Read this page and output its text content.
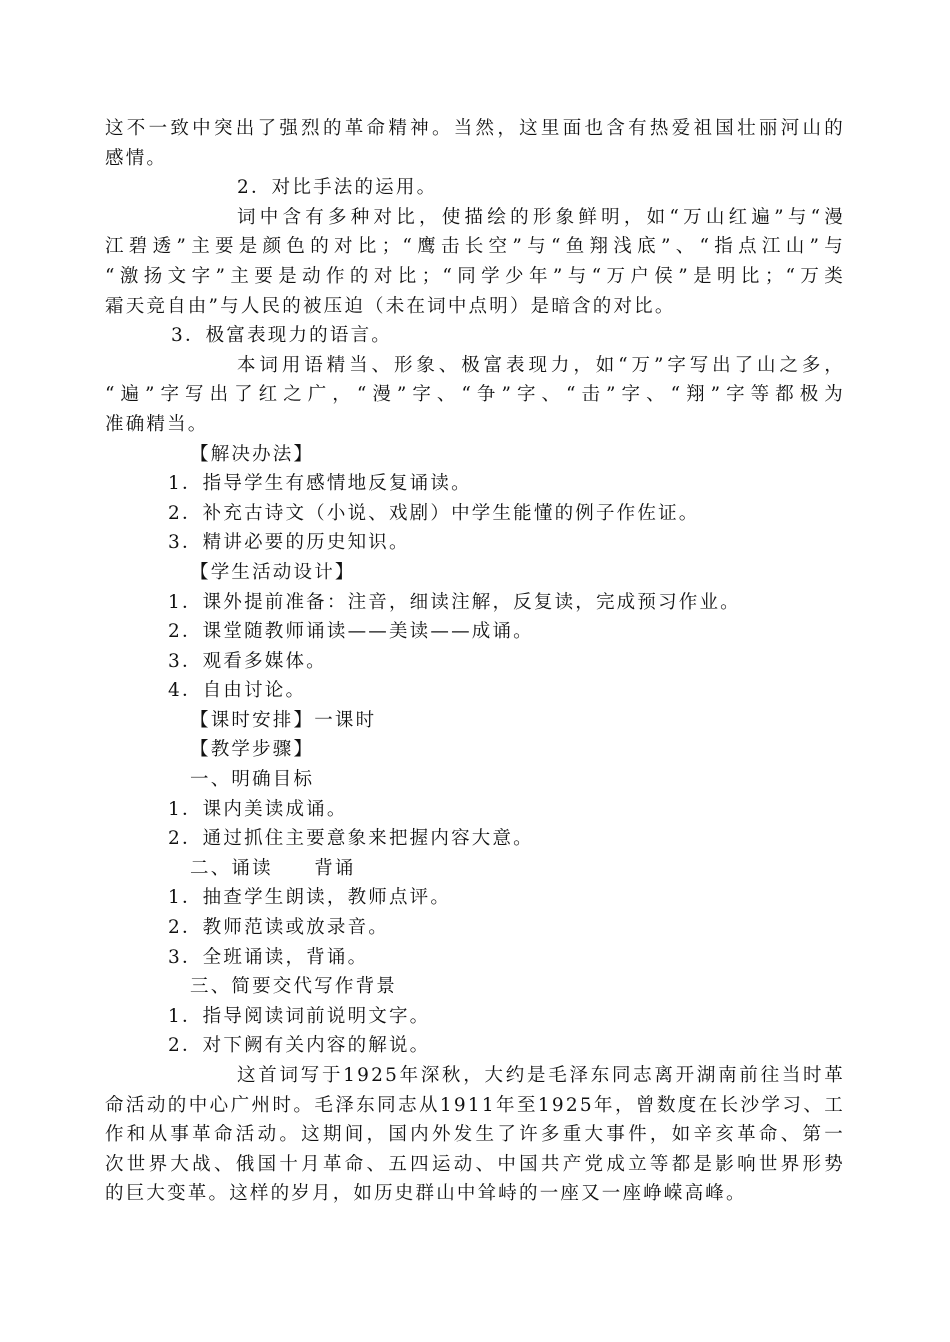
这不一致中突出了强烈的革命精神。当然，这里面也含有热爱祖国壮丽河山的
感情。
2．对比手法的运用。
词中含有多种对比，使描绘的形象鲜明，如“万山红遍”与“漫
江碧透”主要是颜色的对比；“鹰击长空”与“鱼翔浅底”、“指点江山”与
“激扬文字”主要是动作的对比；“同学少年”与“万户侯”是明比；“万类
霜天竞自由”与人民的被压迫（未在词中点明）是暗含的对比。
3．极富表现力的语言。
本词用语精当、形象、极富表现力，如“万”字写出了山之多，
“遍”字写出了红之广，“漫”字、“争”字、“击”字、“翔”字等都极为
准确精当。
【解决办法】
1．指导学生有感情地反复诵读。
2．补充古诗文（小说、戏剧）中学生能懂的例子作佐证。
3．精讲必要的历史知识。
【学生活动设计】
1．课外提前准备：注音，细读注解，反复读，完成预习作业。
2．课堂随教师诵读——美读——成诵。
3．观看多媒体。
4．自由讨论。
【课时安排】一课时
【教学步骤】
一、明确目标
1．课内美读成诵。
2．通过抓住主要意象来把握内容大意。
二、诵读　　背诵
1．抽查学生朗读，教师点评。
2．教师范读或放录音。
3．全班诵读，背诵。
三、简要交代写作背景
1．指导阅读词前说明文字。
2．对下阙有关内容的解说。
这首词写于1925年深秋，大约是毛泽东同志离开湖南前往当时革
命活动的中心广州时。毛泽东同志从1911年至1925年，曾数度在长沙学习、工
作和从事革命活动。这期间，国内外发生了许多重大事件，如辛亥革命、第一
次世界大战、俄国十月革命、五四运动、中国共产党成立等都是影响世界形势
的巨大变革。这样的岁月，如历史群山中耸峙的一座又一座峥嵘高峰。
